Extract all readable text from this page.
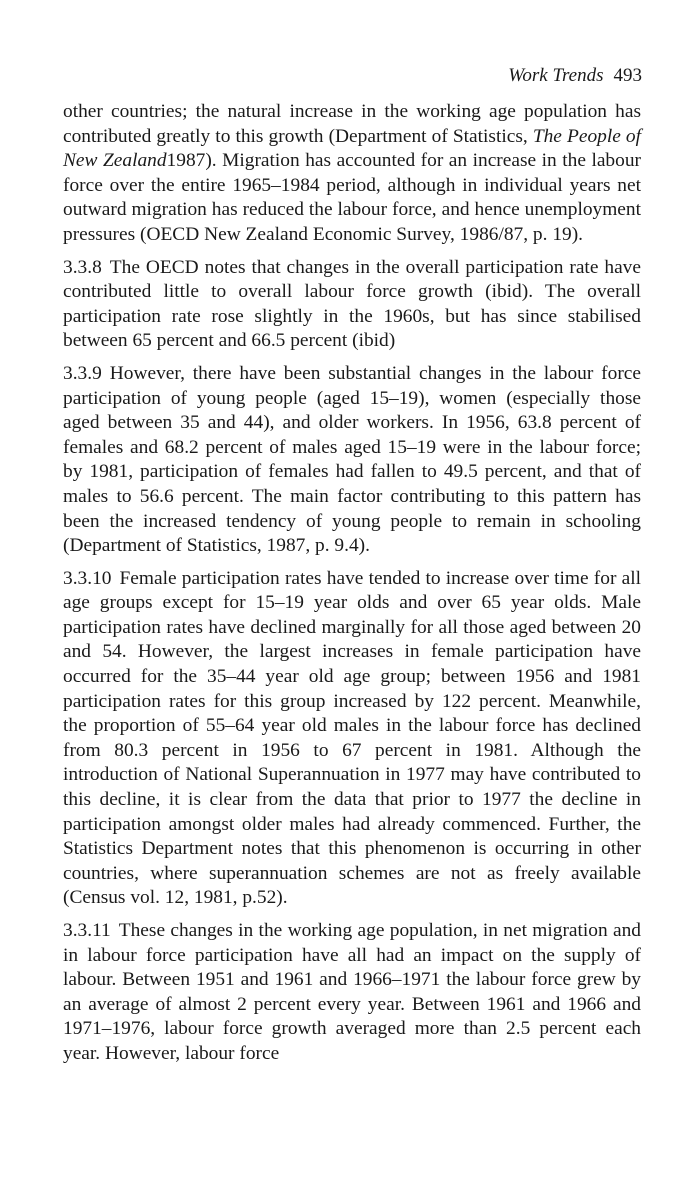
Work Trends 493

other countries; the natural increase in the working age population has contributed greatly to this growth (Department of Statistics, The People of New Zealand1987). Migration has accounted for an increase in the labour force over the entire 1965–1984 period, although in individual years net outward migration has reduced the labour force, and hence unemployment pressures (OECD New Zealand Economic Survey, 1986/87, p. 19).

3.3.8 The OECD notes that changes in the overall participation rate have contributed little to overall labour force growth (ibid). The overall participation rate rose slightly in the 1960s, but has since stabilised between 65 percent and 66.5 percent (ibid)

3.3.9 However, there have been substantial changes in the labour force participation of young people (aged 15–19), women (especially those aged between 35 and 44), and older workers. In 1956, 63.8 percent of females and 68.2 percent of males aged 15–19 were in the labour force; by 1981, participation of females had fallen to 49.5 percent, and that of males to 56.6 percent. The main factor contributing to this pattern has been the increased tendency of young people to remain in schooling (Department of Statistics, 1987, p. 9.4).

3.3.10 Female participation rates have tended to increase over time for all age groups except for 15–19 year olds and over 65 year olds. Male participation rates have declined marginally for all those aged between 20 and 54. However, the largest increases in female participation have occurred for the 35–44 year old age group; between 1956 and 1981 participation rates for this group increased by 122 percent. Meanwhile, the proportion of 55–64 year old males in the labour force has declined from 80.3 percent in 1956 to 67 percent in 1981. Although the introduction of National Superannuation in 1977 may have contributed to this decline, it is clear from the data that prior to 1977 the decline in participation amongst older males had already commenced. Further, the Statistics Department notes that this phenomenon is occurring in other countries, where superannuation schemes are not as freely available (Census vol. 12, 1981, p.52).

3.3.11 These changes in the working age population, in net migration and in labour force participation have all had an impact on the supply of labour. Between 1951 and 1961 and 1966–1971 the labour force grew by an average of almost 2 percent every year. Between 1961 and 1966 and 1971–1976, labour force growth averaged more than 2.5 percent each year. However, labour force
